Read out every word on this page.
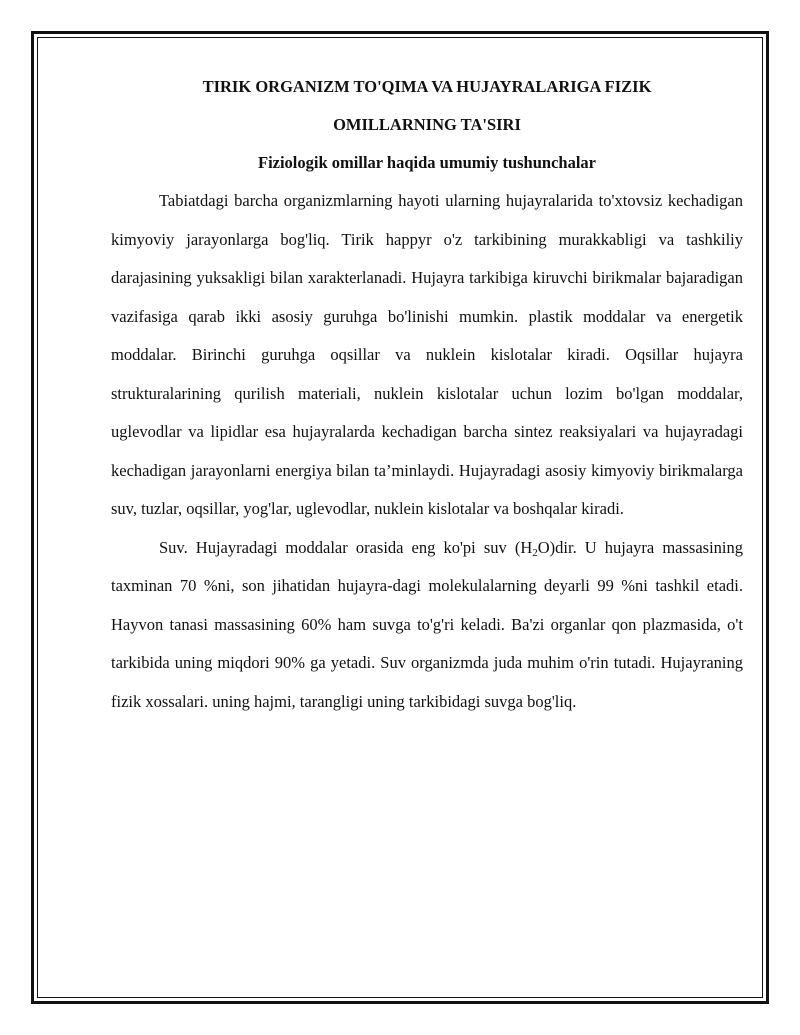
TIRIK ORGANIZM TO'QIMA VA HUJAYRALARIGA FIZIK

OMILLARNING TA'SIRI

Fiziologik omillar haqida umumiy tushunchalar

Tabiatdagi barcha organizmlarning hayoti ularning hujayralarida to'xtovsiz kechadigan kimyoviy jarayonlarga bog'liq. Tirik happyr o'z tarkibining murakkabligi va tashkiliy darajasining yuksakligi bilan xarakterlanadi. Hujayra tarkibiga kiruvchi birikmalar bajaradigan vazifasiga qarab ikki asosiy guruhga bo'linishi mumkin. plastik moddalar va energetik moddalar. Birinchi guruhga oqsillar va nuklein kislotalar kiradi. Oqsillar hujayra strukturalarining qurilish materiali, nuklein kislotalar uchun lozim bo'lgan moddalar, uglevodlar va lipidlar esa hujayralarda kechadigan barcha sintez reaksiyalari va hujayradagi kechadigan jarayonlarni energiya bilan ta’minlaydi. Hujayradagi asosiy kimyoviy birikmalarga suv, tuzlar, oqsillar, yog'lar, uglevodlar, nuklein kislotalar va boshqalar kiradi.

Suv. Hujayradagi moddalar orasida eng ko'pi suv $(H_2O)dir$. U hujayra massasining taxminan 70 %ni, son jihatidan hujayra-dagi molekulalarning deyarli 99 %ni tashkil etadi. Hayvon tanasi massasining 60% ham suvga to'g'ri keladi. Ba'zi organlar qon plazmasida, o't tarkibida uning miqdori 90% ga yetadi. Suv organizmda juda muhim o'rin tutadi. Hujayraning fizik xossalari. uning hajmi, tarangligi uning tarkibidagi suvga bog'liq.
